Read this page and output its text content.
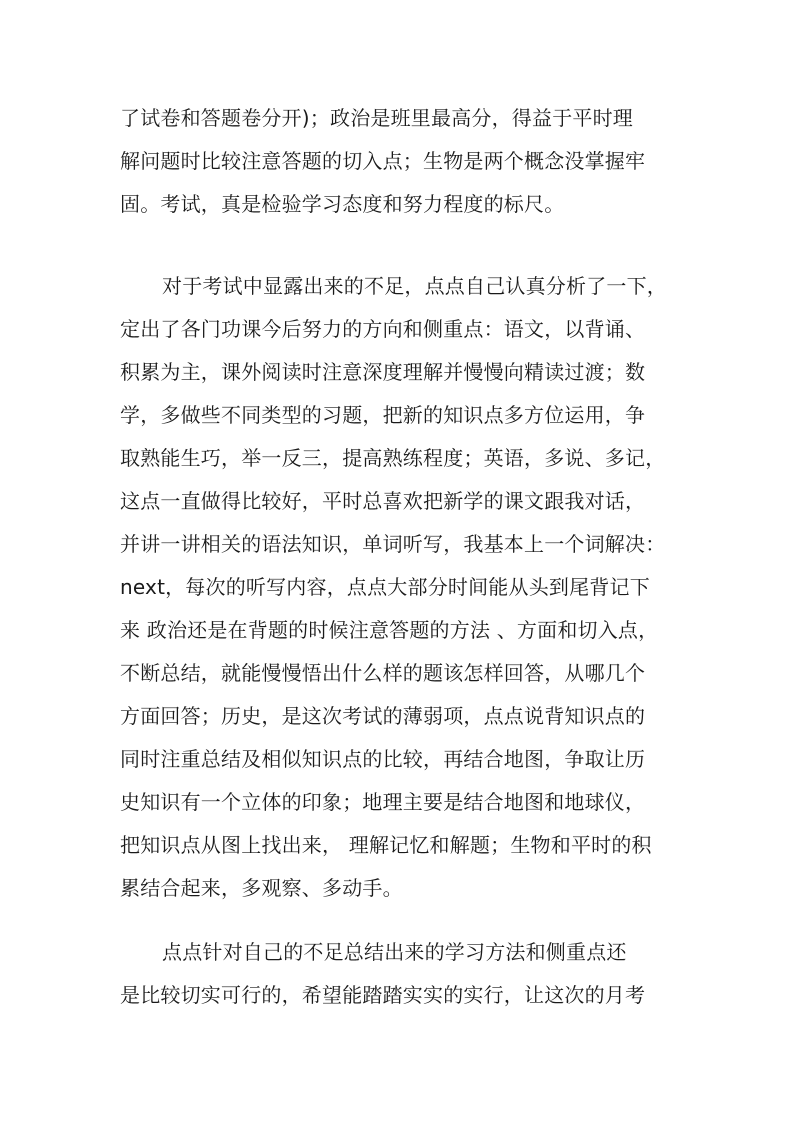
了试卷和答题卷分开)；政治是班里最高分，得益于平时理
解问题时比较注意答题的切入点；生物是两个概念没掌握牢
固。考试，真是检验学习态度和努力程度的标尺。
对于考试中显露出来的不足，点点自己认真分析了一下，
定出了各门功课今后努力的方向和侧重点：语文，以背诵、
积累为主，课外阅读时注意深度理解并慢慢向精读过渡；数
学，多做些不同类型的习题，把新的知识点多方位运用，争
取熟能生巧，举一反三，提高熟练程度；英语，多说、多记，
这点一直做得比较好，平时总喜欢把新学的课文跟我对话，
并讲一讲相关的语法知识，单词听写，我基本上一个词解决：
next，每次的听写内容，点点大部分时间能从头到尾背记下
来 政治还是在背题的时候注意答题的方法 、方面和切入点，
不断总结，就能慢慢悟出什么样的题该怎样回答，从哪几个
方面回答；历史，是这次考试的薄弱项，点点说背知识点的
同时注重总结及相似知识点的比较，再结合地图，争取让历
史知识有一个立体的印象；地理主要是结合地图和地球仪，
把知识点从图上找出来， 理解记忆和解题；生物和平时的积
累结合起来，多观察、多动手。
点点针对自己的不足总结出来的学习方法和侧重点还
是比较切实可行的，希望能踏踏实实的实行，让这次的月考
